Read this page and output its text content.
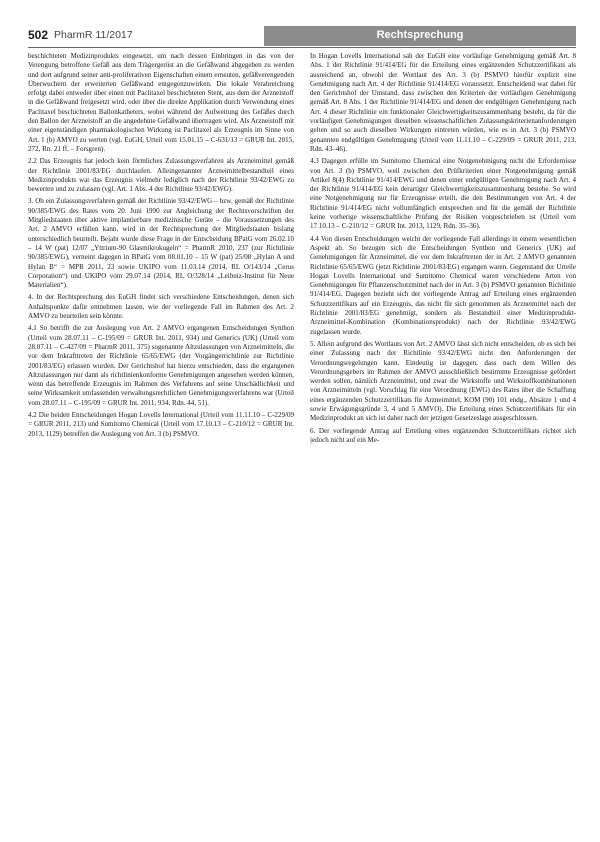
502 PharmR 11/2017	Rechtsprechung

beschichteten Medizinprodukts eingesetzt, um nach dessen Einbringen in das von der Verengung betroffene Gefäß aus dem Trägergerüst an die Gefäßwand abgegeben zu werden und dort aufgrund seiner anti-proliferativen Eigenschaften einem erneuten, gefäßverengenden Überwuchern der erweiterten Gefäßwand entgegenzuwirken. Die lokale Verabreichung erfolgt dabei entweder über einen mit Paclitaxel beschichteten Stent, aus dem der Arzneistoff in die Gefäßwand freigesetzt wird, oder über die direkte Applikation durch Verwendung eines Paclitaxel beschichteten Ballonkatheters, wobei während der Aufweitung des Gefäßes durch den Ballon der Arzneistoff an die angedehnte Gefäßwand übertragen wird. Als Arzneistoff mit einer eigenständigen pharmakologischen Wirkung ist Paclitaxel als Erzeugnis im Sinne von Art. 1 (b) AMVO zu werten (vgl. EuGH, Urteil vom 15.01.15 – C-631/13 = GRUR Int. 2015, 272, Rn. 21 ff. – Forsgren).

2.2 Das Erzeugnis hat jedoch kein förmliches Zulassungsverfahren als Arzneimittel gemäß der Richtlinie 2001/83/EG durchlaufen. Alleingenannter Arzneimittelbestandteil eines Medizinprodukts war das Erzeugnis vielmehr lediglich nach der Richtlinie 93/42/EWG zu bewerten und zu zulassen (vgl. Art. 1 Abs. 4 der Richtlinie 93/42/EWG).

3. Ob ein Zulassungsverfahren gemäß der Richtlinie 93/42/EWG – bzw. gemäß der Richtlinie 90/385/EWG des Rates vom 20. Juni 1990 zur Angleichung der Rechtsvorschriften der Mitgliedstaaten über aktive implantierbare medizinische Geräte – die Voraussetzungen des Art. 2 AMVO erfüllen kann, wird in der Rechtsprechung der Mitgliedstaaten bislang unterschiedlich beurteilt. Bejaht wurde diese Frage in der Entscheidung BPatG vom 26.02.10 – 14 W (pat) 12/07 „Yttrium-90 Glasmikrokugeln“ = PharmR 2010, 237 (zur Richtlinie 90/385/EWG), verneint dagegen in BPatG vom 08.01.10 – 15 W (pat) 25/08 „Hylan A und Hylan B“ = MPR 2011, 23 sowie UKIPO vom 11.03.14 (2014, RL O/143/14 „Cerus Corporation“) und UKIPO vom 29.07.14 (2014, RL O/328/14 „Leibniz-Institut für Neue Materialien“).

4. In der Rechtsprechung des EuGH findet sich verschiedene Entscheidungen, denen sich Anhaltspunkte dafür entnehmen lassen, wie der vorliegende Fall im Rahmen des Art. 2 AMVO zu beurteilen sein könnte.

4.1 So betrifft die zur Auslegung von Art. 2 AMVO ergangenen Entscheidungen Synthon (Urteil vom 28.07.11 – C-195/09 = GRUR Int. 2011, 934) und Generics (UK) (Urteil vom 28.07.11 – C-427/09 = PharmR 2011, 375) sogenannte Altzulassungen von Arzneimitteln, die vor dem Inkrafttreten der Richtlinie 65/65/EWG (der Vorgängerrichtlinie zur Richtlinie 2001/83/EG) erlassen wurden. Der Gerichtshof hat hierzu entschieden, dass die ergangenen Altzulassungen nur dann als richtlinienkonforme Genehmigungen angesehen werden können, wenn das betreffende Erzeugnis im Rahmen des Verfahrens auf seine Unschädlichkeit und seine Wirksamkeit umfassenden verwaltungsrechtlichen Genehmigungsverfahrens war (Urteil vom 28.07.11 – C-195/09 = GRUR Int. 2011, 934, Rdn. 44, 51).

4.2 Die beiden Entscheidungen Hogan Lovells International (Urteil vom 11.11.10 – C-229/09 = GRUR 2011, 213) und Sumitomo Chemical (Urteil vom 17.10.13 – C-210/12 = GRUR Int. 2013, 1129) betreffen die Auslegung von Art. 3 (b) PSMVO.

In Hogan Lovells International sah der EuGH eine vorläufige Genehmigung gemäß Art. 8 Abs. 1 der Richtlinie 91/414/EG für die Erteilung eines ergänzenden Schutzzertifikats als ausreichend an, obwohl der Wortlaut des Art. 3 (b) PSMVO hierfür explizit eine Genehmigung nach Art. 4 der Richtlinie 91/414/EG voraussetzt. Entscheidend war dabei für den Gerichtshof der Umstand, dass zwischen den Kriterien der vorläufigen Genehmigung gemäß Art. 8 Abs. 1 der Richtlinie 91/414/EG und denen der endgültigen Genehmigung nach Art. 4 dieser Richtlinie ein funktionaler Gleichwertigkeitszusammenhang besteht, da für die vorläufigen Genehmigungen dieselben wissenschaftlichen Zulassungskriterienanforderungen gelten und so auch dieselben Wirkungen eintreten würden, wie es in Art. 3 (b) PSMVO genannten endgültigen Genehmigung (Urteil vom 11.11.10 – C-229/09 = GRUR 2011, 213, Rdn. 43–46).

4.3 Dagegen erfülle im Sumitomo Chemical eine Notgenehmigung nicht die Erfordernisse von Art. 3 (b) PSMVO, weil zwischen den Prüfkriterien einer Notgenehmigung gemäß Artikel 8(4) Richtlinie 91/414/EWG und denen einer endgültigen Genehmigung nach Art. 4 der Richtlinie 91/414/EG kein derartiger Gleichwertigkeitszusammenhang bestehe. So wird eine Notgenehmigung nur für Erzeugnisse erteilt, die den Bestimmungen von Art. 4 der Richtlinie 91/414/EG nicht vollumfänglich entsprechen und für die gemäß der Richtlinie keine vorherige wissenschaftliche Prüfung der Risiken vorgeschrieben ist (Urteil vom 17.10.13 – C-210/12 = GRUR Int. 2013, 1129, Rdn. 35–36).

4.4 Von diesen Entscheidungen weicht der vorliegende Fall allerdings in einem wesentlichen Aspekt ab. So bezogen sich die Entscheidungen Synthon und Generics (UK) auf Genehmigungen für Arzneimittel, die vor dem Inkrafttreten der in Art. 2 AMVO genannten Richtlinie 65/65/EWG (jetzt Richtlinie 2001/83/EG) ergangen waren. Gegenstand der Urteile Hogan Lovells International und Sumitomo Chemical waren verschiedene Arten von Genehmigungen für Pflanzenschutzmittel nach der in Art. 3 (b) PSMVO genannten Richtlinie 91/414/EG. Dagegen bezieht sich der vorliegende Antrag auf Erteilung eines ergänzenden Schutzzertifikats auf ein Erzeugnis, das nicht für sich genommen als Arzneimittel nach der Richtlinie 2001/83/EG genehmigt, sondern als Bestandteil einer Medizinprodukt-Arzneimittel-Kombination (Kombinationsprodukt) nach der Richtlinie 93/42/EWG zugelassen wurde.

5. Allein aufgrund des Wortlauts von Art. 2 AMVO lässt sich nicht entscheiden, ob es sich bei einer Zulassung nach der Richtlinie 93/42/EWG nicht den Anforderungen der Verordnungsregelungen kann. Eindeutig ist dagegen, dass nach dem Willen des Verordnungsgebers im Rahmen der AMVO ausschließlich bestimmte Erzeugnisse gefördert werden sollen, nämlich Arzneimittel, und zwar die Wirkstoffe und Wirkstoffkombinationen von Arzneimitteln (vgl. Vorschlag für eine Verordnung (EWG) des Rates über die Schaffung eines ergänzenden Schutzzertifikats für Arzneimittel, KOM (90) 101 endg., Absätze 1 und 4 sowie Erwägungsgründe 3, 4 und 5 AMVO). Die Erteilung eines Schutzzertifikats für ein Medizinprodukt an sich ist daher nach der jetzigen Gesetzeslage ausgeschlossen.

6. Der vorliegende Antrag auf Erteilung eines ergänzenden Schutzzertifikats richtet sich jedoch nicht auf ein Me-
